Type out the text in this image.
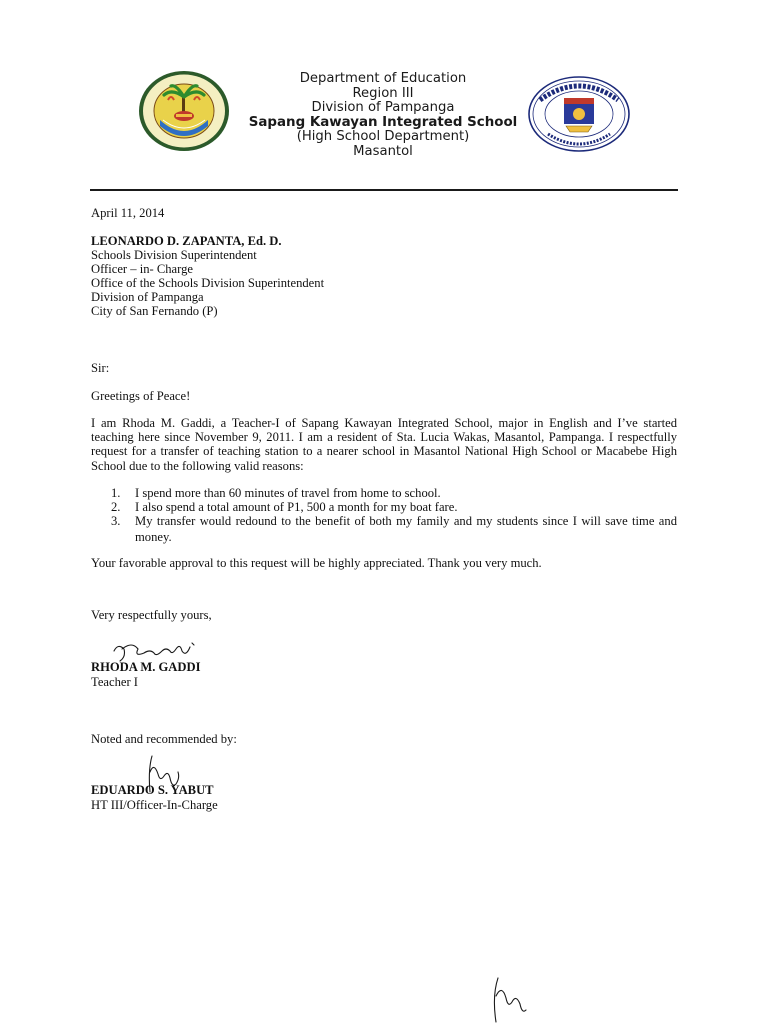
Department of Education
Region III
Division of Pampanga
Sapang Kawayan Integrated School
(High School Department)
Masantol
April 11, 2014
LEONARDO D. ZAPANTA, Ed. D.
Schools Division Superintendent
Officer – in- Charge
Office of the Schools Division Superintendent
Division of Pampanga
City of San Fernando (P)
Sir:
Greetings of Peace!
I am Rhoda M. Gaddi, a Teacher-I of Sapang Kawayan Integrated School, major in English and I’ve started teaching here since November 9, 2011. I am a resident of Sta. Lucia Wakas, Masantol, Pampanga. I respectfully request for a transfer of teaching station to a nearer school in Masantol National High School or Macabebe High School due to the following valid reasons:
1. I spend more than 60 minutes of travel from home to school.
2. I also spend a total amount of P1, 500 a month for my boat fare.
3. My transfer would redound to the benefit of both my family and my students since I will save time and money.
Your favorable approval to this request will be highly appreciated. Thank you very much.
Very respectfully yours,
RHODA M. GADDI
Teacher I
Noted and recommended by:
EDUARDO S. YABUT
HT III/Officer-In-Charge
